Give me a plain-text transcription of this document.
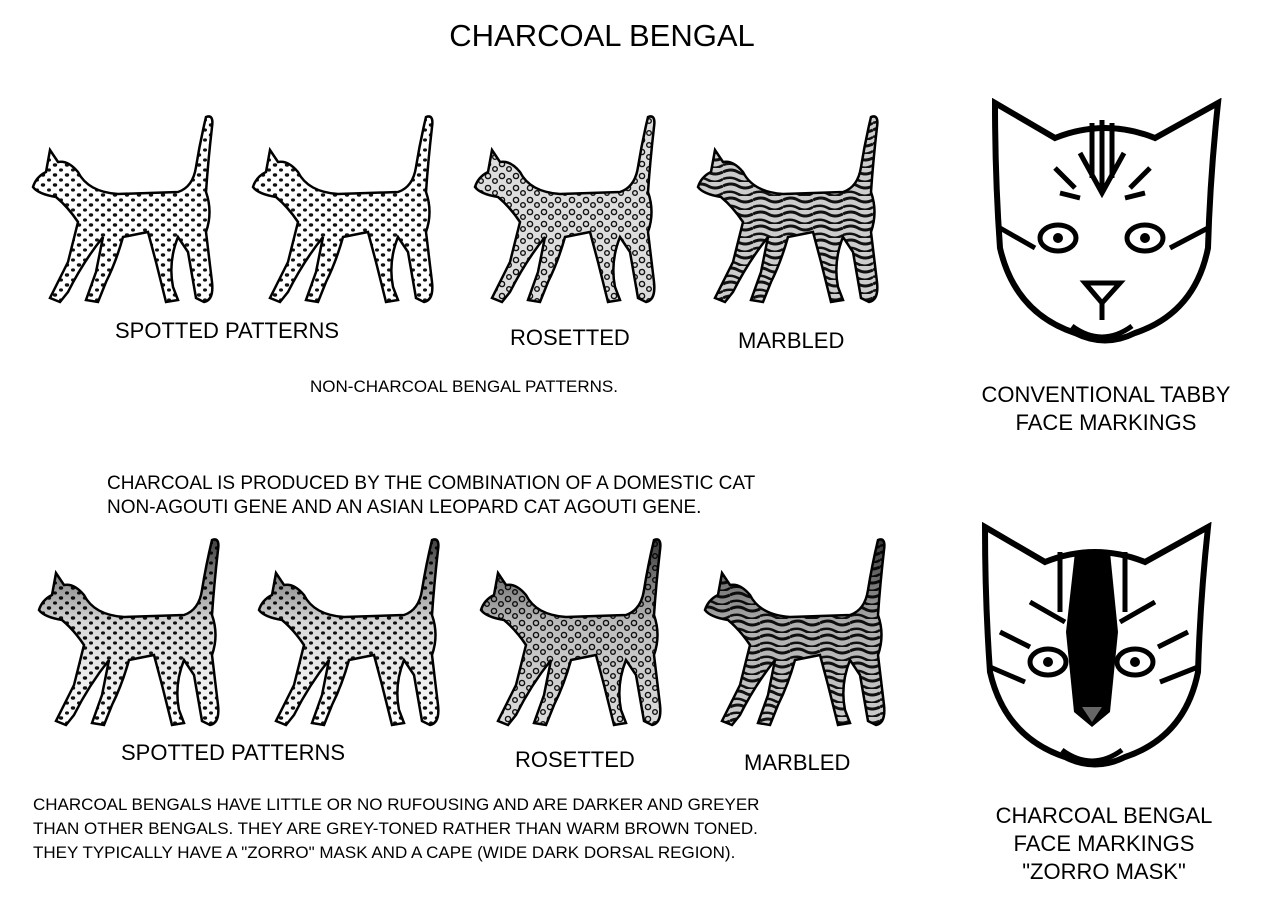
CHARCOAL BENGAL
SPOTTED PATTERNS	ROSETTED	MARBLED
NON-CHARCOAL BENGAL PATTERNS.	CONVENTIONAL TABBY
FACE MARKINGS
CHARCOAL IS PRODUCED BY THE COMBINATION OF A DOMESTIC CAT
NON-AGOUTI GENE AND AN ASIAN LEOPARD CAT AGOUTI GENE.
SPOTTED PATTERNS	ROSETTED	MARBLED
CHARCOAL BENGALS HAVE LITTLE OR NO RUFOUSING AND ARE DARKER AND GREYER
THAN OTHER BENGALS. THEY ARE GREY-TONED RATHER THAN WARM BROWN TONED.
THEY TYPICALLY HAVE A "ZORRO" MASK AND A CAPE (WIDE DARK DORSAL REGION).
CHARCOAL BENGAL
FACE MARKINGS
"ZORRO MASK"
